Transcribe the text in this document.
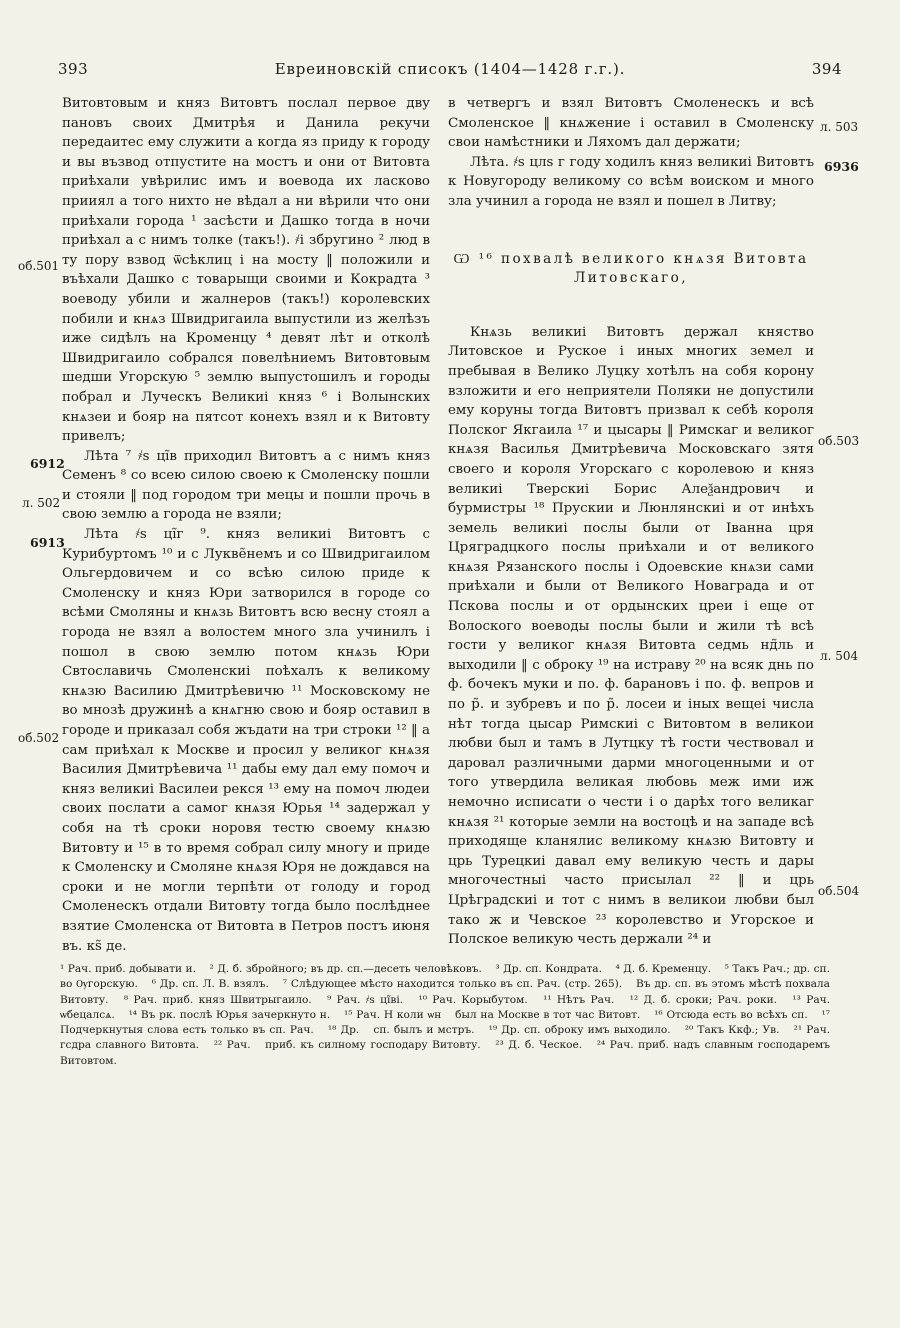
393	Евреиновскій списокъ (1404—1428 г.г.).	394

Витовтовым и княз Витовтъ послал первое дву пановъ своих Дмитрѣя и Данила рекучи передаитес ему служити а когда яз приду к городу и вы възвод отпустите на мостъ и они от Витовта приѣхали увѣрилис имъ и воевода их ласково прииял а того нихто не вѣдал а ни вѣрили что они приѣхали города ¹ засѣсти и Дашко тогда в ночи приѣхал а с нимъ толке (такъ!). ҂і збругино ² люд в ту пору взвод ѿсѣклиц і на мосту ‖ положили и въѣхали Дашко с товарыщи своими и Кокрадта ³ воеводу убили и жалнеров (такъ!) королевских побили и кнѧз Швидригаила выпустили из желѣзъ иже сидѣлъ на Кроменцу ⁴ девят лѣт и отколѣ Швидригаило собрался повелѣниемъ Витовтовым шедши Угорскую ⁵ землю выпустошилъ и городы побрал и Луческъ Великиі княз ⁶ і Волынских кнѧзеи и бояр на пятсот конехъ взял и к Витовту привелъ;

Лѣта ⁷ ҂ѕ ці̃в приходил Витовтъ а с нимъ княз Семенъ ⁸ со всею силою своею к Смоленску пошли и стояли ‖ под городом три мецы и пошли прочь в свою землю а города не взяли;

Лѣта ҂ѕ ці̃г ⁹. княз великиі Витовтъ с Курибуртомъ ¹⁰ и с Лукве̃немъ и со Швидригаилом Ольгердовичем и со всѣю силою приде к Смоленску и княз Юри затворился в городе со всѣми Смоляны и кнѧзь Витовтъ всю весну стоял а города не взял а волостем много зла учинилъ і пошол в свою землю потом кнѧзь Юри Свтославичь Смоленскиі поѣхалъ к великому кнѧзю Василию Дмитрѣевичю ¹¹ Московскому не во мнозѣ дружинѣ а кнѧгню свою и бояр оставил в городе и приказал собя жъдати на три строки ¹² ‖ а сам приѣхал к Москве и просил у великог кнѧзя Василия Дмитрѣевича ¹¹ дабы ему дал ему помоч и княз великиі Василеи рекся ¹³ ему на помоч людеи своих послати а самог кнѧзя Юрья ¹⁴ задержал у собя на тѣ сроки норовя тестю своему кнѧзю Витовту и ¹⁵ в то время собрал силу многу и приде к Смоленску и Смоляне кнѧзя Юря не дождався на сроки и не могли терпѣти от голоду и город Смоленескъ отдали Витовту тогда было послѣднее взятие Смоленска от Витовта в Петров постъ июня въ. кѕ̃ де.

в четвергъ и взял Витовтъ Смоленескъ и всѣ Смоленское ‖ кнѧжение і оставил в Смоленску свои намѣстники и Ляхомъ дал держати;

Лѣта. ҂ѕ цлѕ г году ходилъ княз великиі Витовтъ к Новугороду великому со всѣм воиском и много зла учинил а города не взял и пошел в Литву;

Ѡ ¹⁶ похвалѣ великого кнѧзя Витовта Литовскаго,

Кнѧзь великиі Витовтъ держал княство Литовское и Руское і иных многих земел и пребывая в Велико Луцку хотѣлъ на собя корону взложити и его неприятели Поляки не допустили ему коруны тогда Витовтъ призвал к себѣ короля Полског Якгаила ¹⁷ и цысары ‖ Римскаг и великог кнѧзя Василья Дмитрѣевича Московскаго зятя своего и короля Угорскаго с королевою и княз великиі Тверскиі Борис Алеѯандрович и бурмистры ¹⁸ Прускии и Люнлянскиі и от инѣхъ земель великиі послы были от Іванна цря Цряградцкого послы приѣхали и от великого кнѧзя Рязанского послы і Одоевские кнѧзи сами приѣхали и были от Великого Новаграда и от Пскова послы и от ордынских цреи і еще от Волоского воеводы послы были и жили тѣ всѣ гости у великог кнѧзя Витовта седмь нд̃ль и выходили ‖ с оброку ¹⁹ на истраву ²⁰ на всяк днь по ф. бочекъ муки и по. ф. барановъ і по. ф. вепров и по р̃. и зубревъ и по р̃. лосеи и іных вещеі числа нѣт тогда цысар Римскиі с Витовтом в великои любви был и тамъ в Лутцку тѣ гости чествовал и даровал различными дарми многоценными и от того утвердила великая любовь меж ими иж немочно исписати о чести і о дарѣх того великаг кнѧзя ²¹ которые земли на востоцѣ и на западе всѣ приходяще кланялис великому кнѧзю Витовту и црь Турецкиі давал ему великую честь и дары многочестныі часто присылал ²² ‖ и црь Црѣградскиі и тот с нимъ в великои любви был тако ж и Чевское ²³ королевство и Угорское и Полское великую честь держали ²⁴ и

об.501
6912
л. 502
6913
об.502
л. 503
6936
об.503
л. 504
об.504
¹ Рач. приб. добывати и. ² Д. б. збройного; въ др. сп.—десеть человѣковъ. ³ Др. сп. Кондрата. ⁴ Д. б. Кременцу. ⁵ Такъ Рач.; др. сп. во Ѹгорскую. ⁶ Др. сп. Л. В. взялъ. ⁷ Слѣдующее мѣсто находится только въ сп. Рач. (стр. 265). Въ др. сп. въ этомъ мѣстѣ похвала Витовту. ⁸ Рач. приб. княз Швитрыгаило. ⁹ Рач. ҂ѕ ці̃ві. ¹⁰ Рач. Корыбутом. ¹¹ Нѣтъ Рач. ¹² Д. б. сроки; Рач. роки. ¹³ Рач. ѡбецалсѧ. ¹⁴ Въ рк. послѣ Юрья зачеркнуто н. ¹⁵ Рач. Н коли ѡн был на Москве в тот час Витовт. ¹⁶ Отсюда есть во всѣхъ сп. ¹⁷ Подчеркнутыя слова есть только въ сп. Рач. ¹⁸ Др. сп. былъ и мстръ. ¹⁹ Др. сп. оброку имъ выходило. ²⁰ Такъ Ккф.; Ув. ²¹ Рач. гсдра славного Витовта. ²² Рач. приб. къ силному господару Витовту. ²³ Д. б. Ческое. ²⁴ Рач. приб. надъ славным господаремъ Витовтом.
